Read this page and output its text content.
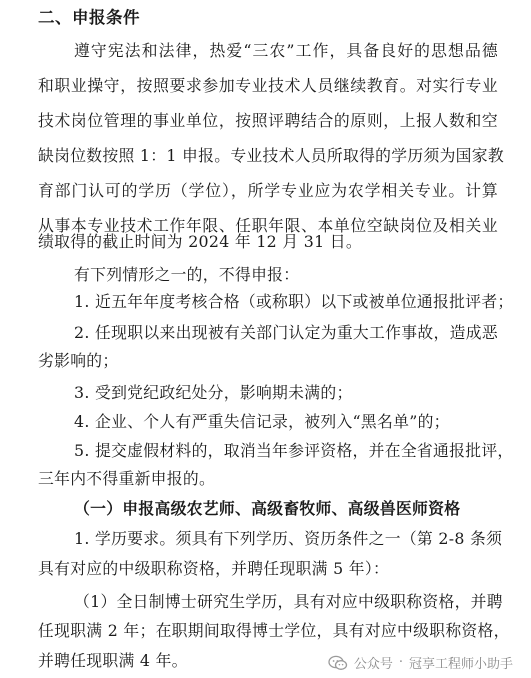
二、申报条件
遵守宪法和法律，热爱“三农”工作，具备良好的思想品德
和职业操守，按照要求参加专业技术人员继续教育。对实行专业
技术岗位管理的事业单位，按照评聘结合的原则，上报人数和空
缺岗位数按照 1：1 申报。专业技术人员所取得的学历须为国家教
育部门认可的学历（学位），所学专业应为农学相关专业。计算
从事本专业技术工作年限、任职年限、本单位空缺岗位及相关业
绩取得的截止时间为 2024 年 12 月 31 日。
有下列情形之一的，不得申报：
1. 近五年年度考核合格（或称职）以下或被单位通报批评者；
2. 任现职以来出现被有关部门认定为重大工作事故，造成恶
劣影响的；
3. 受到党纪政纪处分，影响期未满的；
4. 企业、个人有严重失信记录，被列入“黑名单”的；
5. 提交虚假材料的，取消当年参评资格，并在全省通报批评，
三年内不得重新申报的。
（一）申报高级农艺师、高级畜牧师、高级兽医师资格
1. 学历要求。须具有下列学历、资历条件之一（第 2-8 条须
具有对应的中级职称资格，并聘任现职满 5 年）：
（1）全日制博士研究生学历，具有对应中级职称资格，并聘
任现职满 2 年；在职期间取得博士学位，具有对应中级职称资格，
并聘任现职满 4 年。	公众号 · 冠享工程师小助手
